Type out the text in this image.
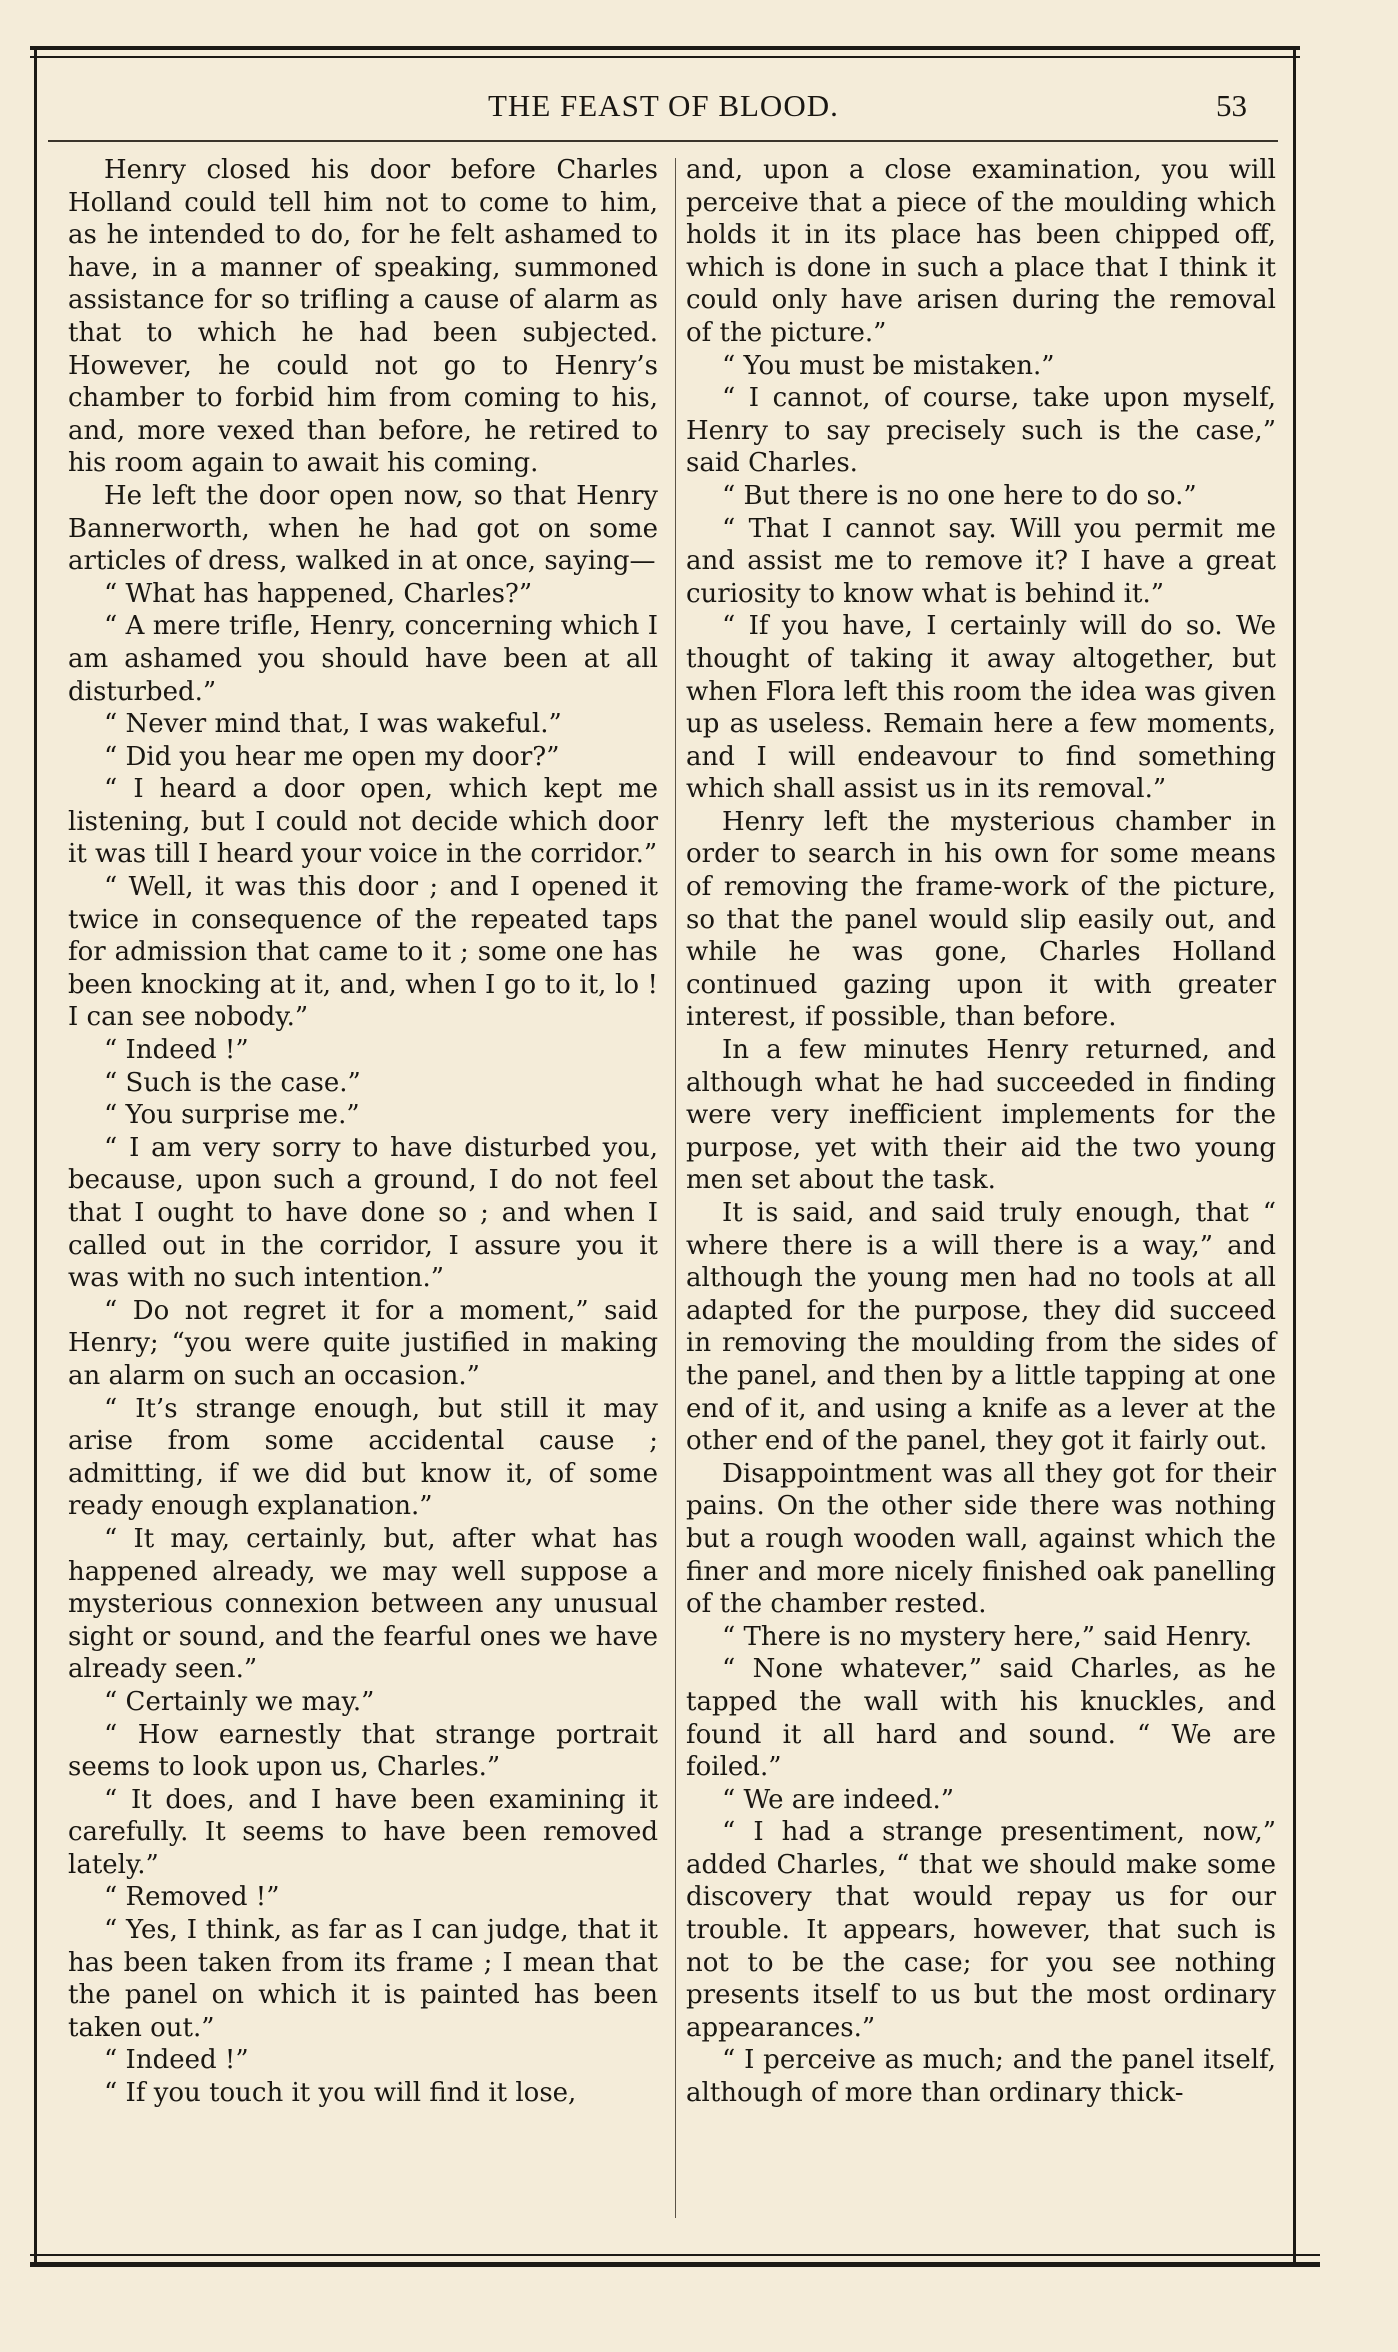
THE FEAST OF BLOOD.	53

Henry closed his door before Charles Holland could tell him not to come to him, as he intended to do, for he felt ashamed to have, in a manner of speaking, summoned assistance for so trifling a cause of alarm as that to which he had been subjected. However, he could not go to Henry’s chamber to forbid him from coming to his, and, more vexed than before, he retired to his room again to await his coming.

He left the door open now, so that Henry Bannerworth, when he had got on some articles of dress, walked in at once, saying—

“ What has happened, Charles?”

“ A mere trifle, Henry, concerning which I am ashamed you should have been at all disturbed.”

“ Never mind that, I was wakeful.”

“ Did you hear me open my door?”

“ I heard a door open, which kept me listening, but I could not decide which door it was till I heard your voice in the corridor.”

“ Well, it was this door ; and I opened it twice in consequence of the repeated taps for admission that came to it ; some one has been knocking at it, and, when I go to it, lo ! I can see nobody.”

“ Indeed !”

“ Such is the case.”

“ You surprise me.”

“ I am very sorry to have disturbed you, because, upon such a ground, I do not feel that I ought to have done so ; and when I called out in the corridor, I assure you it was with no such intention.”

“ Do not regret it for a moment,” said Henry; “you were quite justified in making an alarm on such an occasion.”

“ It’s strange enough, but still it may arise from some accidental cause ; admitting, if we did but know it, of some ready enough explanation.”

“ It may, certainly, but, after what has happened already, we may well suppose a mysterious connexion between any unusual sight or sound, and the fearful ones we have already seen.”

“ Certainly we may.”

“ How earnestly that strange portrait seems to look upon us, Charles.”

“ It does, and I have been examining it carefully. It seems to have been removed lately.”

“ Removed !”

“ Yes, I think, as far as I can judge, that it has been taken from its frame ; I mean that the panel on which it is painted has been taken out.”

“ Indeed !”

“ If you touch it you will find it lose,

and, upon a close examination, you will perceive that a piece of the moulding which holds it in its place has been chipped off, which is done in such a place that I think it could only have arisen during the removal of the picture.”

“ You must be mistaken.”

“ I cannot, of course, take upon myself, Henry to say precisely such is the case,” said Charles.

“ But there is no one here to do so.”

“ That I cannot say. Will you permit me and assist me to remove it? I have a great curiosity to know what is behind it.”

“ If you have, I certainly will do so. We thought of taking it away altogether, but when Flora left this room the idea was given up as useless. Remain here a few moments, and I will endeavour to find something which shall assist us in its removal.”

Henry left the mysterious chamber in order to search in his own for some means of removing the frame-work of the picture, so that the panel would slip easily out, and while he was gone, Charles Holland continued gazing upon it with greater interest, if possible, than before.

In a few minutes Henry returned, and although what he had succeeded in finding were very inefficient implements for the purpose, yet with their aid the two young men set about the task.

It is said, and said truly enough, that “ where there is a will there is a way,” and although the young men had no tools at all adapted for the purpose, they did succeed in removing the moulding from the sides of the panel, and then by a little tapping at one end of it, and using a knife as a lever at the other end of the panel, they got it fairly out.

Disappointment was all they got for their pains. On the other side there was nothing but a rough wooden wall, against which the finer and more nicely finished oak panelling of the chamber rested.

“ There is no mystery here,” said Henry.

“ None whatever,” said Charles, as he tapped the wall with his knuckles, and found it all hard and sound. “ We are foiled.”

“ We are indeed.”

“ I had a strange presentiment, now,” added Charles, “ that we should make some discovery that would repay us for our trouble. It appears, however, that such is not to be the case; for you see nothing presents itself to us but the most ordinary appearances.”

“ I perceive as much; and the panel itself, although of more than ordinary thick-
